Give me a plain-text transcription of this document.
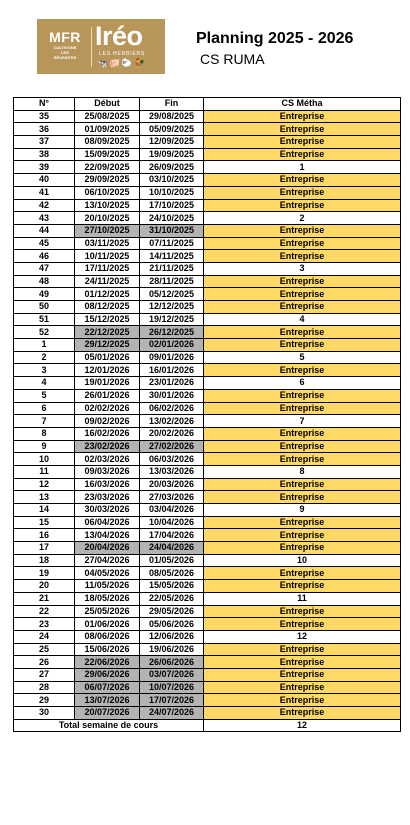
MFR
CULTIVONS
LES
RÉUSSITES
Iréo
LES HERBIERS
🐄🐖🐑🐓
Planning 2025 - 2026
CS RUMA
N°	Début	Fin	CS Métha
35	25/08/2025	29/08/2025	Entreprise
36	01/09/2025	05/09/2025	Entreprise
37	08/09/2025	12/09/2025	Entreprise
38	15/09/2025	19/09/2025	Entreprise
39	22/09/2025	26/09/2025	1
40	29/09/2025	03/10/2025	Entreprise
41	06/10/2025	10/10/2025	Entreprise
42	13/10/2025	17/10/2025	Entreprise
43	20/10/2025	24/10/2025	2
44	27/10/2025	31/10/2025	Entreprise
45	03/11/2025	07/11/2025	Entreprise
46	10/11/2025	14/11/2025	Entreprise
47	17/11/2025	21/11/2025	3
48	24/11/2025	28/11/2025	Entreprise
49	01/12/2025	05/12/2025	Entreprise
50	08/12/2025	12/12/2025	Entreprise
51	15/12/2025	19/12/2025	4
52	22/12/2025	26/12/2025	Entreprise
1	29/12/2025	02/01/2026	Entreprise
2	05/01/2026	09/01/2026	5
3	12/01/2026	16/01/2026	Entreprise
4	19/01/2026	23/01/2026	6
5	26/01/2026	30/01/2026	Entreprise
6	02/02/2026	06/02/2026	Entreprise
7	09/02/2026	13/02/2026	7
8	16/02/2026	20/02/2026	Entreprise
9	23/02/2026	27/02/2026	Entreprise
10	02/03/2026	06/03/2026	Entreprise
11	09/03/2026	13/03/2026	8
12	16/03/2026	20/03/2026	Entreprise
13	23/03/2026	27/03/2026	Entreprise
14	30/03/2026	03/04/2026	9
15	06/04/2026	10/04/2026	Entreprise
16	13/04/2026	17/04/2026	Entreprise
17	20/04/2026	24/04/2026	Entreprise
18	27/04/2026	01/05/2026	10
19	04/05/2026	08/05/2026	Entreprise
20	11/05/2026	15/05/2026	Entreprise
21	18/05/2026	22/05/2026	11
22	25/05/2026	29/05/2026	Entreprise
23	01/06/2026	05/06/2026	Entreprise
24	08/06/2026	12/06/2026	12
25	15/06/2026	19/06/2026	Entreprise
26	22/06/2026	26/06/2026	Entreprise
27	29/06/2026	03/07/2026	Entreprise
28	06/07/2026	10/07/2026	Entreprise
29	13/07/2026	17/07/2026	Entreprise
30	20/07/2026	24/07/2026	Entreprise
Total semaine de cours			12
